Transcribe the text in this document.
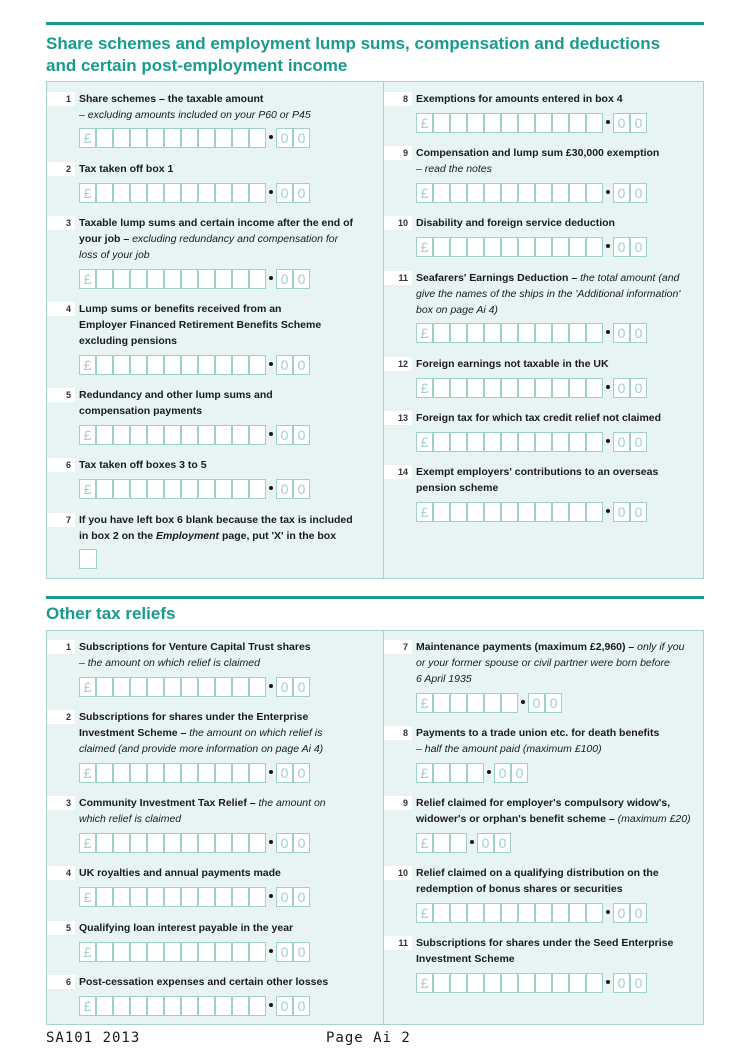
Share schemes and employment lump sums, compensation and deductions
and certain post-employment income
1 Share schemes – the taxable amount
– excluding amounts included on your P60 or P45
£	0 0
2 Tax taken off box 1
£	0 0
3 Taxable lump sums and certain income after the end of
your job – excluding redundancy and compensation for
loss of your job
£	0 0
4 Lump sums or benefits received from an
Employer Financed Retirement Benefits Scheme
excluding pensions
£	0 0
5 Redundancy and other lump sums and
compensation payments
£	0 0
6 Tax taken off boxes 3 to 5
£	0 0
7 If you have left box 6 blank because the tax is included
in box 2 on the Employment page, put 'X' in the box
8 Exemptions for amounts entered in box 4
£	0 0
9 Compensation and lump sum £30,000 exemption
– read the notes
£	0 0
10 Disability and foreign service deduction
£	0 0
11 Seafarers' Earnings Deduction – the total amount (and
give the names of the ships in the 'Additional information'
box on page Ai 4)
£	0 0
12 Foreign earnings not taxable in the UK
£	0 0
13 Foreign tax for which tax credit relief not claimed
£	0 0
14 Exempt employers' contributions to an overseas
pension scheme
£	0 0
Other tax reliefs
1 Subscriptions for Venture Capital Trust shares
– the amount on which relief is claimed
£	0 0
2 Subscriptions for shares under the Enterprise
Investment Scheme – the amount on which relief is
claimed (and provide more information on page Ai 4)
£	0 0
3 Community Investment Tax Relief – the amount on
which relief is claimed
£	0 0
4 UK royalties and annual payments made
£	0 0
5 Qualifying loan interest payable in the year
£	0 0
6 Post-cessation expenses and certain other losses
£	0 0
7 Maintenance payments (maximum £2,960) – only if you
or your former spouse or civil partner were born before
6 April 1935
£	0 0
8 Payments to a trade union etc. for death benefits
– half the amount paid (maximum £100)
£	0 0
9 Relief claimed for employer's compulsory widow's,
widower's or orphan's benefit scheme – (maximum £20)
£	0 0
10 Relief claimed on a qualifying distribution on the
redemption of bonus shares or securities
£	0 0
11 Subscriptions for shares under the Seed Enterprise
Investment Scheme
£	0 0
SA101 2013	Page Ai 2
